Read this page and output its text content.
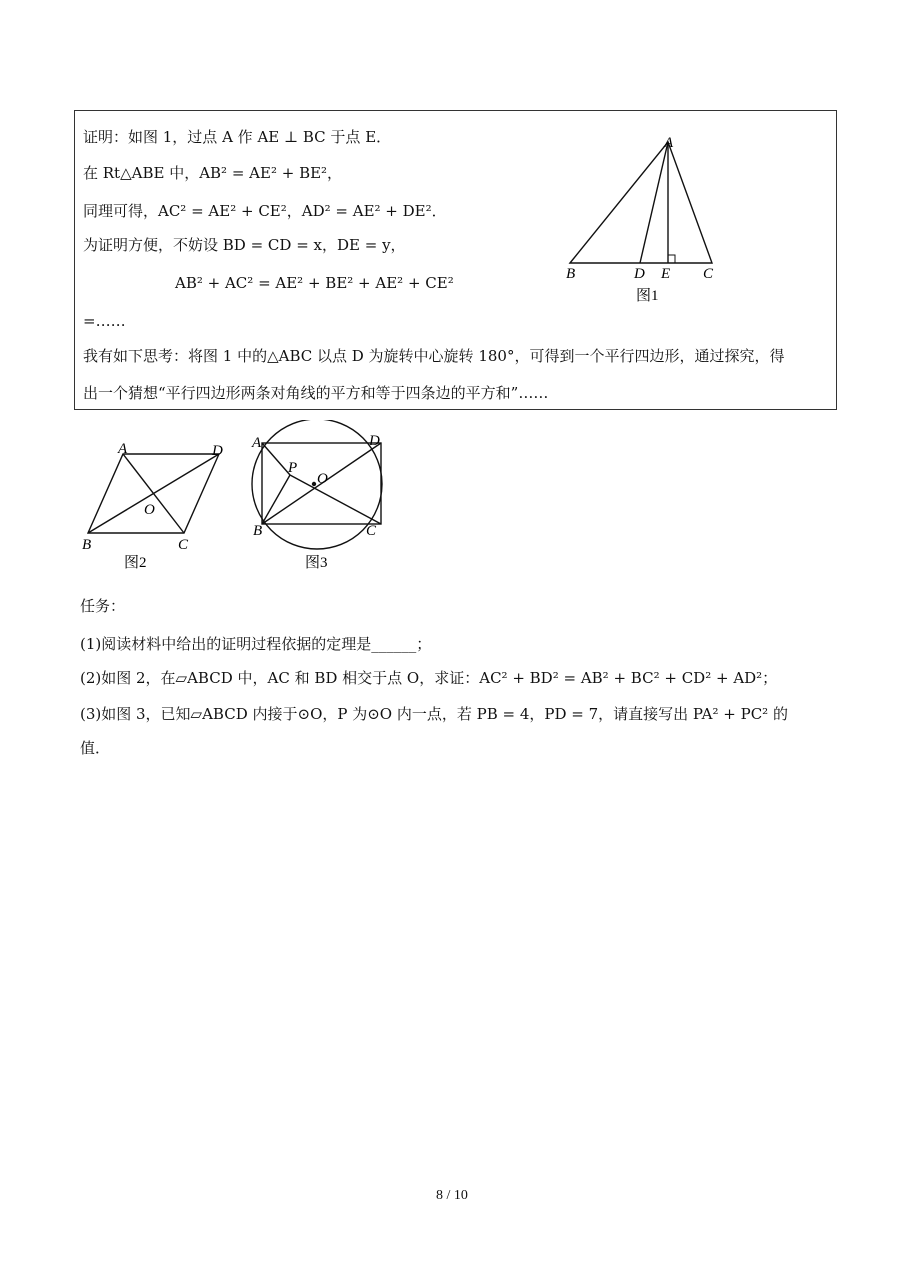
证明：如图 1，过点 A 作 AE ⊥ BC 于点 E．
在 Rt△ABE 中，AB² = AE² + BE²，
同理可得，AC² = AE² + CE²，AD² = AE² + DE²．
为证明方便，不妨设 BD = CD = x，DE = y，
AB² + AC² = AE² + BE² + AE² + CE²
=……
我有如下思考：将图 1 中的△ABC 以点 D 为旋转中心旋转 180°，可得到一个平行四边形，通过探究，得
出一个猜想“平行四边形两条对角线的平方和等于四条边的平方和”……
A
B	D E C
图1
A	D
O
B	C
图2
A	D
P
O
B	C
图3
任务：
(1)阅读材料中给出的证明过程依据的定理是______；
(2)如图 2，在▱ABCD 中，AC 和 BD 相交于点 O，求证：AC² + BD² = AB² + BC² + CD² + AD²；
(3)如图 3，已知▱ABCD 内接于⊙O，P 为⊙O 内一点，若 PB = 4，PD = 7，请直接写出 PA² + PC² 的
值．
8 / 10
